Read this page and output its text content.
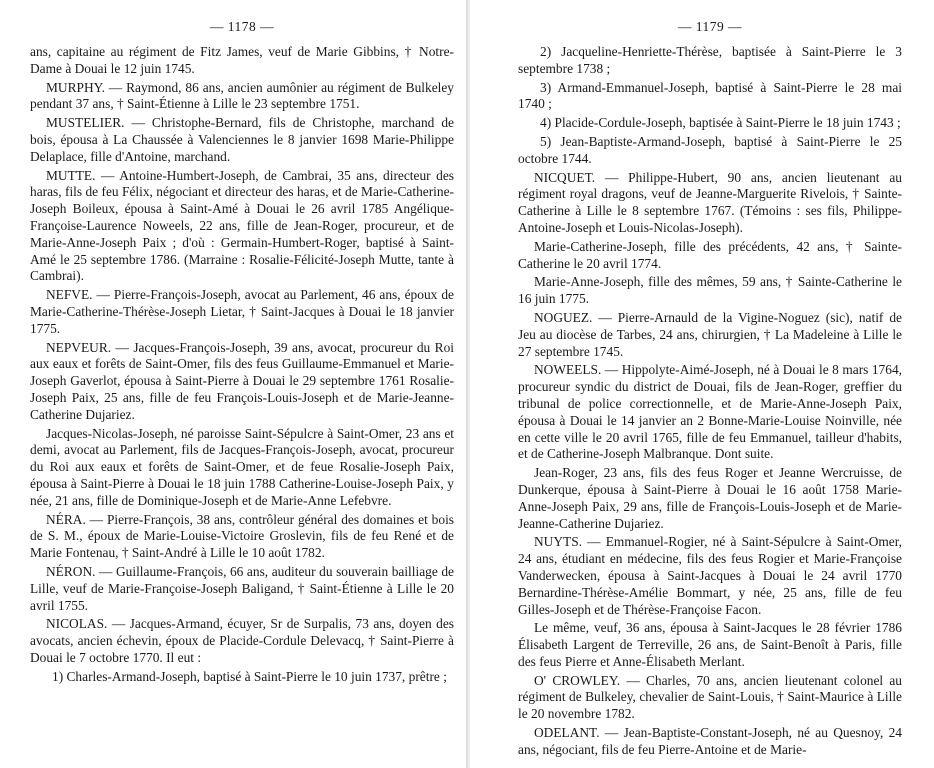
— 1178 —

ans, capitaine au régiment de Fitz James, veuf de Marie Gibbins, † Notre-Dame à Douai le 12 juin 1745.

MURPHY. — Raymond, 86 ans, ancien aumônier au régiment de Bulkeley pendant 37 ans, † Saint-Étienne à Lille le 23 septembre 1751.

MUSTELIER. — Christophe-Bernard, fils de Christophe, marchand de bois, épousa à La Chaussée à Valenciennes le 8 janvier 1698 Marie-Philippe Delaplace, fille d'Antoine, marchand.

MUTTE. — Antoine-Humbert-Joseph, de Cambrai, 35 ans, directeur des haras, fils de feu Félix, négociant et directeur des haras, et de Marie-Catherine-Joseph Boileux, épousa à Saint-Amé à Douai le 26 avril 1785 Angélique-Françoise-Laurence Noweels, 22 ans, fille de Jean-Roger, procureur, et de Marie-Anne-Joseph Paix ; d'où : Germain-Humbert-Roger, baptisé à Saint-Amé le 25 septembre 1786. (Marraine : Rosalie-Félicité-Joseph Mutte, tante à Cambrai).

NEFVE. — Pierre-François-Joseph, avocat au Parlement, 46 ans, époux de Marie-Catherine-Thérèse-Joseph Lietar, † Saint-Jacques à Douai le 18 janvier 1775.

NEPVEUR. — Jacques-François-Joseph, 39 ans, avocat, procureur du Roi aux eaux et forêts de Saint-Omer, fils des feus Guillaume-Emmanuel et Marie-Joseph Gaverlot, épousa à Saint-Pierre à Douai le 29 septembre 1761 Rosalie-Joseph Paix, 25 ans, fille de feu François-Louis-Joseph et de Marie-Jeanne-Catherine Dujariez.

Jacques-Nicolas-Joseph, né paroisse Saint-Sépulcre à Saint-Omer, 23 ans et demi, avocat au Parlement, fils de Jacques-François-Joseph, avocat, procureur du Roi aux eaux et forêts de Saint-Omer, et de feue Rosalie-Joseph Paix, épousa à Saint-Pierre à Douai le 18 juin 1788 Catherine-Louise-Joseph Paix, y née, 21 ans, fille de Dominique-Joseph et de Marie-Anne Lefebvre.

NÉRA. — Pierre-François, 38 ans, contrôleur général des domaines et bois de S. M., époux de Marie-Louise-Victoire Groslevin, fils de feu René et de Marie Fontenau, † Saint-André à Lille le 10 août 1782.

NÉRON. — Guillaume-François, 66 ans, auditeur du souverain bailliage de Lille, veuf de Marie-Françoise-Joseph Baligand, † Saint-Étienne à Lille le 20 avril 1755.

NICOLAS. — Jacques-Armand, écuyer, Sr de Surpalis, 73 ans, doyen des avocats, ancien échevin, époux de Placide-Cordule Delevacq, † Saint-Pierre à Douai le 7 octobre 1770. Il eut :

1) Charles-Armand-Joseph, baptisé à Saint-Pierre le 10 juin 1737, prêtre ;

— 1179 —

2) Jacqueline-Henriette-Thérèse, baptisée à Saint-Pierre le 3 septembre 1738 ;

3) Armand-Emmanuel-Joseph, baptisé à Saint-Pierre le 28 mai 1740 ;

4) Placide-Cordule-Joseph, baptisée à Saint-Pierre le 18 juin 1743 ;

5) Jean-Baptiste-Armand-Joseph, baptisé à Saint-Pierre le 25 octobre 1744.

NICQUET. — Philippe-Hubert, 90 ans, ancien lieutenant au régiment royal dragons, veuf de Jeanne-Marguerite Rivelois, † Sainte-Catherine à Lille le 8 septembre 1767. (Témoins : ses fils, Philippe-Antoine-Joseph et Louis-Nicolas-Joseph).

Marie-Catherine-Joseph, fille des précédents, 42 ans, † Sainte-Catherine le 20 avril 1774.

Marie-Anne-Joseph, fille des mêmes, 59 ans, † Sainte-Catherine le 16 juin 1775.

NOGUEZ. — Pierre-Arnauld de la Vigine-Noguez (sic), natif de Jeu au diocèse de Tarbes, 24 ans, chirurgien, † La Madeleine à Lille le 27 septembre 1745.

NOWEELS. — Hippolyte-Aimé-Joseph, né à Douai le 8 mars 1764, procureur syndic du district de Douai, fils de Jean-Roger, greffier du tribunal de police correctionnelle, et de Marie-Anne-Joseph Paix, épousa à Douai le 14 janvier an 2 Bonne-Marie-Louise Noinville, née en cette ville le 20 avril 1765, fille de feu Emmanuel, tailleur d'habits, et de Catherine-Joseph Malbranque. Dont suite.

Jean-Roger, 23 ans, fils des feus Roger et Jeanne Wercruisse, de Dunkerque, épousa à Saint-Pierre à Douai le 16 août 1758 Marie-Anne-Joseph Paix, 29 ans, fille de François-Louis-Joseph et de Marie-Jeanne-Catherine Dujariez.

NUYTS. — Emmanuel-Rogier, né à Saint-Sépulcre à Saint-Omer, 24 ans, étudiant en médecine, fils des feus Rogier et Marie-Françoise Vanderwecken, épousa à Saint-Jacques à Douai le 24 avril 1770 Bernardine-Thérèse-Amélie Bommart, y née, 25 ans, fille de feu Gilles-Joseph et de Thérèse-Françoise Facon.

Le même, veuf, 36 ans, épousa à Saint-Jacques le 28 février 1786 Élisabeth Largent de Terreville, 26 ans, de Saint-Benoît à Paris, fille des feus Pierre et Anne-Élisabeth Merlant.

O' CROWLEY. — Charles, 70 ans, ancien lieutenant colonel au régiment de Bulkeley, chevalier de Saint-Louis, † Saint-Maurice à Lille le 20 novembre 1782.

ODELANT. — Jean-Baptiste-Constant-Joseph, né au Quesnoy, 24 ans, négociant, fils de feu Pierre-Antoine et de Marie-
